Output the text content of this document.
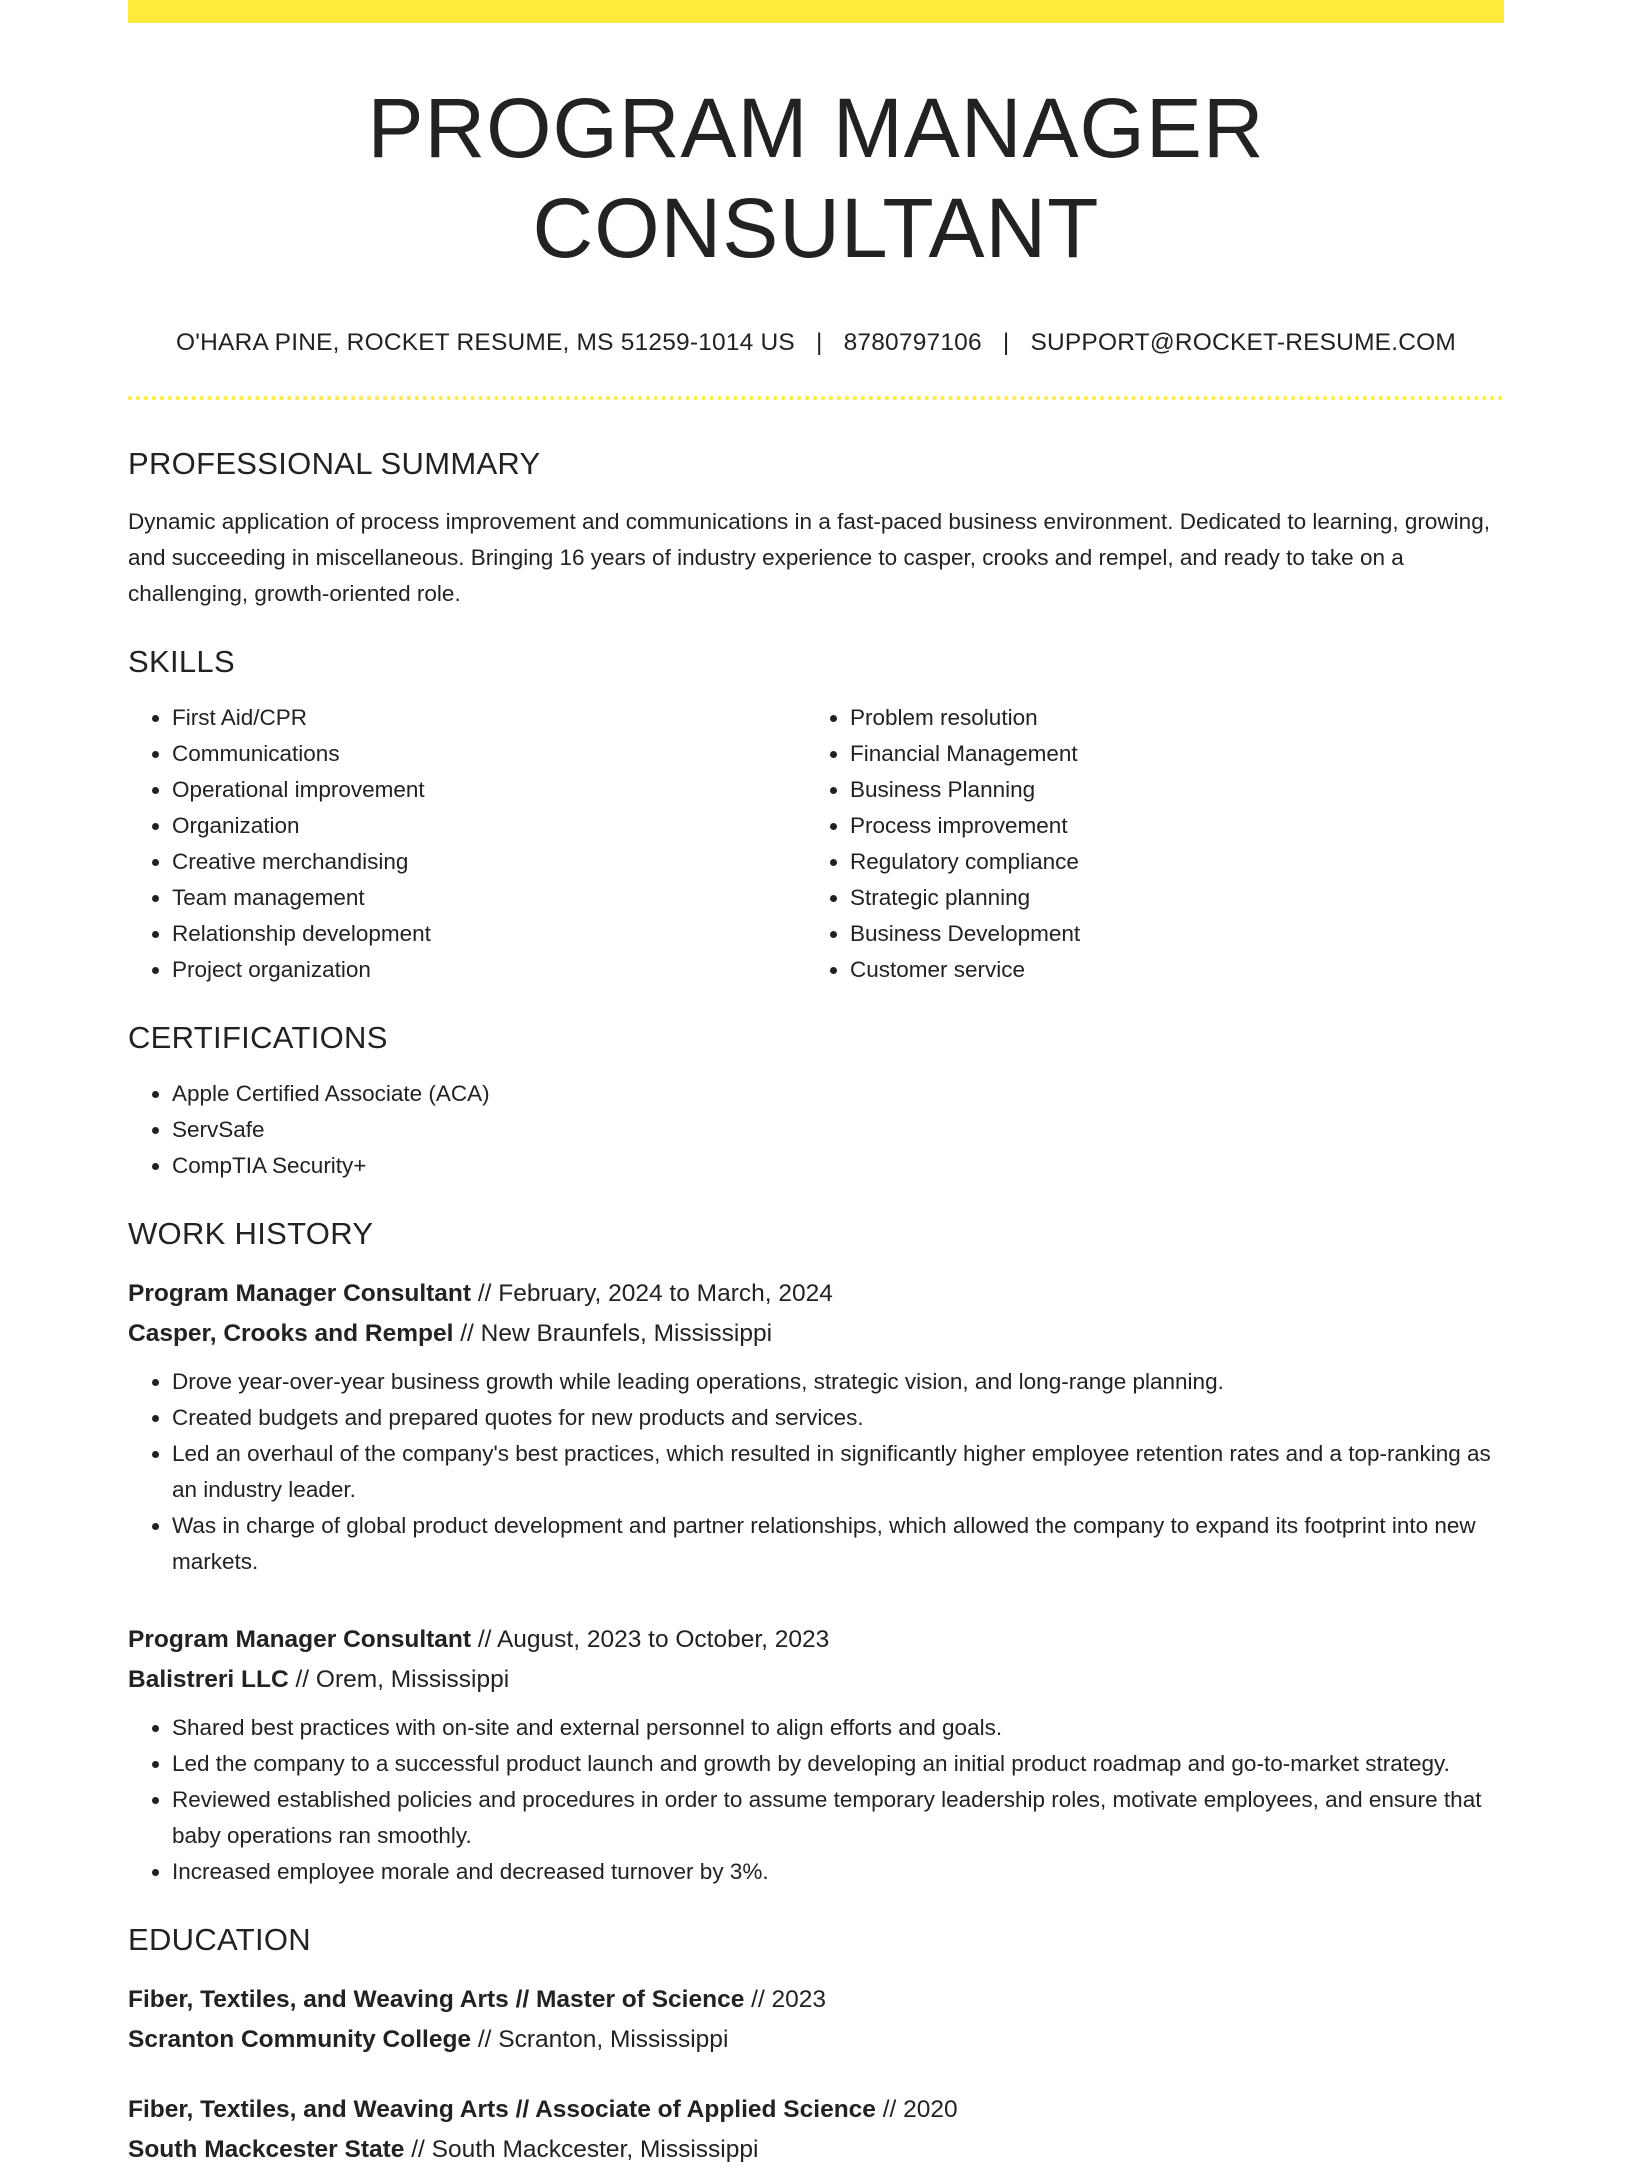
PROGRAM MANAGER CONSULTANT
O'HARA PINE, ROCKET RESUME, MS 51259-1014 US | 8780797106 | SUPPORT@ROCKET-RESUME.COM
PROFESSIONAL SUMMARY

Dynamic application of process improvement and communications in a fast-paced business environment. Dedicated to learning, growing, and succeeding in miscellaneous. Bringing 16 years of industry experience to casper, crooks and rempel, and ready to take on a challenging, growth-oriented role.

SKILLS
• First Aid/CPR
• Communications
• Operational improvement
• Organization
• Creative merchandising
• Team management
• Relationship development
• Project organization
• Problem resolution
• Financial Management
• Business Planning
• Process improvement
• Regulatory compliance
• Strategic planning
• Business Development
• Customer service
CERTIFICATIONS
• Apple Certified Associate (ACA)
• ServSafe
• CompTIA Security+
WORK HISTORY
Program Manager Consultant // February, 2024 to March, 2024
Casper, Crooks and Rempel // New Braunfels, Mississippi
• Drove year-over-year business growth while leading operations, strategic vision, and long-range planning.
• Created budgets and prepared quotes for new products and services.
• Led an overhaul of the company's best practices, which resulted in significantly higher employee retention rates and a top-ranking as an industry leader.
• Was in charge of global product development and partner relationships, which allowed the company to expand its footprint into new markets.
Program Manager Consultant // August, 2023 to October, 2023
Balistreri LLC // Orem, Mississippi
• Shared best practices with on-site and external personnel to align efforts and goals.
• Led the company to a successful product launch and growth by developing an initial product roadmap and go-to-market strategy.
• Reviewed established policies and procedures in order to assume temporary leadership roles, motivate employees, and ensure that baby operations ran smoothly.
• Increased employee morale and decreased turnover by 3%.
EDUCATION
Fiber, Textiles, and Weaving Arts // Master of Science // 2023
Scranton Community College // Scranton, Mississippi
Fiber, Textiles, and Weaving Arts // Associate of Applied Science // 2020
South Mackcester State // South Mackcester, Mississippi
